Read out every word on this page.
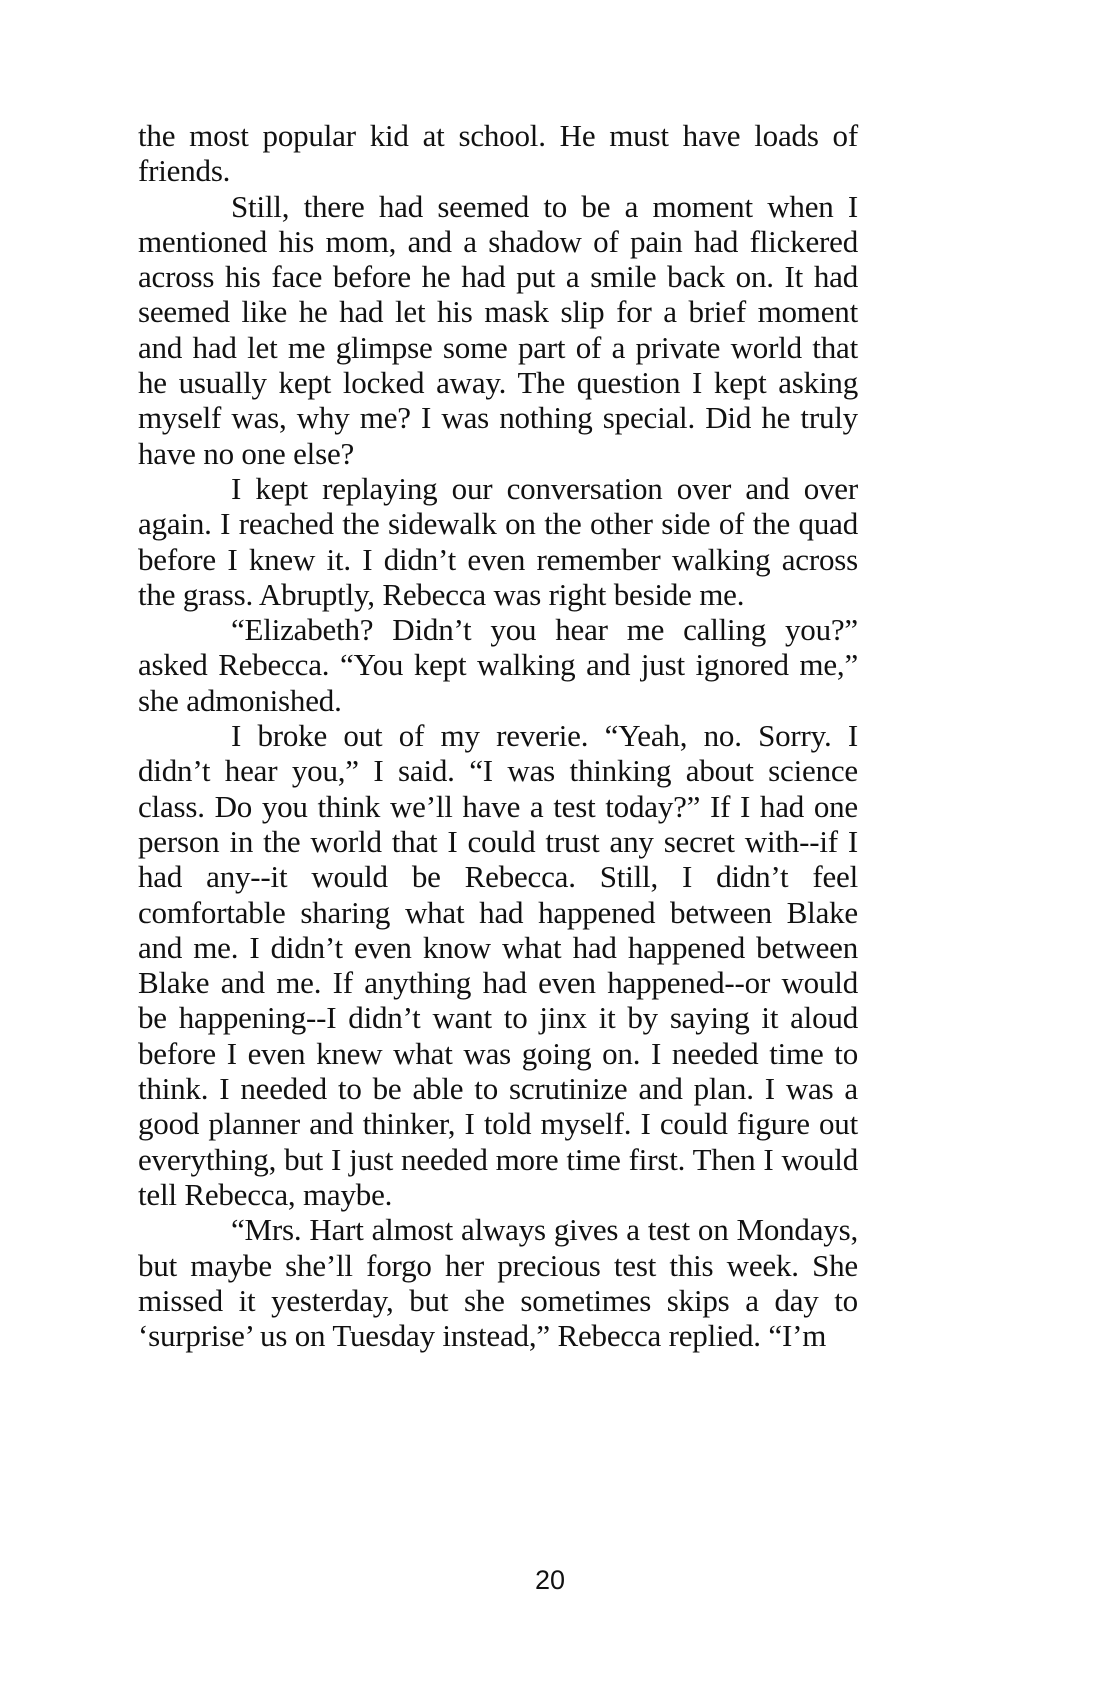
the most popular kid at school. He must have loads of friends.

Still, there had seemed to be a moment when I mentioned his mom, and a shadow of pain had flickered across his face before he had put a smile back on. It had seemed like he had let his mask slip for a brief moment and had let me glimpse some part of a private world that he usually kept locked away. The question I kept asking myself was, why me? I was nothing special. Did he truly have no one else?

I kept replaying our conversation over and over again. I reached the sidewalk on the other side of the quad before I knew it. I didn’t even remember walking across the grass. Abruptly, Rebecca was right beside me.

“Elizabeth? Didn’t you hear me calling you?” asked Rebecca. “You kept walking and just ignored me,” she admonished.

I broke out of my reverie. “Yeah, no. Sorry. I didn’t hear you,” I said. “I was thinking about science class. Do you think we’ll have a test today?” If I had one person in the world that I could trust any secret with--if I had any--it would be Rebecca. Still, I didn’t feel comfortable sharing what had happened between Blake and me. I didn’t even know what had happened between Blake and me. If anything had even happened--or would be happening--I didn’t want to jinx it by saying it aloud before I even knew what was going on. I needed time to think. I needed to be able to scrutinize and plan. I was a good planner and thinker, I told myself. I could figure out everything, but I just needed more time first. Then I would tell Rebecca, maybe.

“Mrs. Hart almost always gives a test on Mondays, but maybe she’ll forgo her precious test this week. She missed it yesterday, but she sometimes skips a day to ‘surprise’ us on Tuesday instead,” Rebecca replied. “I’m

20
